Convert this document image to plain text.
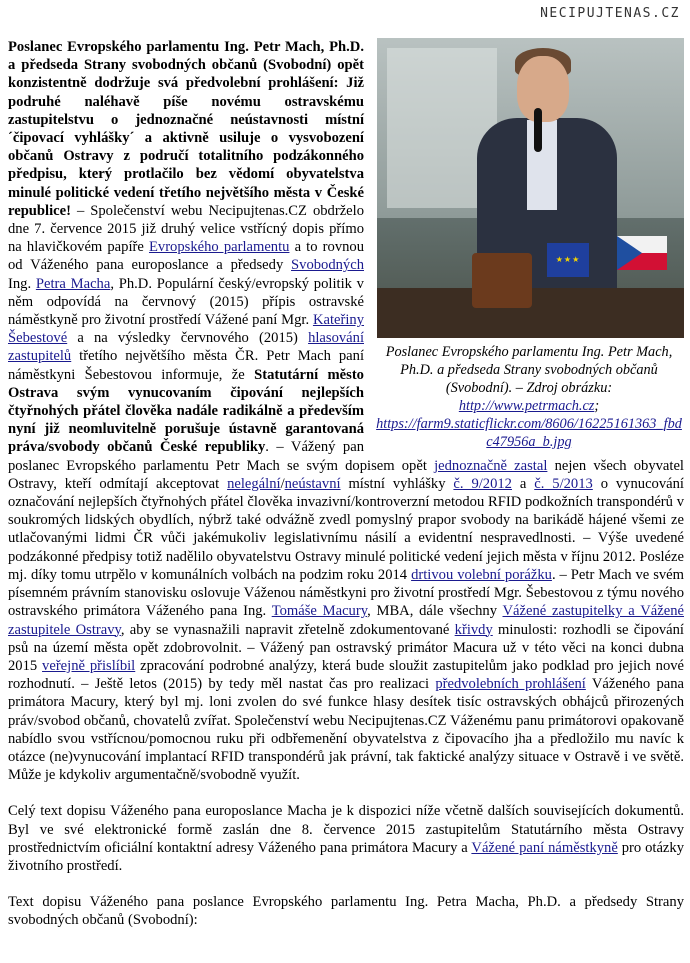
NECIPUJTENAS.CZ
★★★
Poslanec Evropského parlamentu Ing. Petr Mach, Ph.D. a předseda Strany svobodných občanů (Svobodní). – Zdroj obrázku:
http://www.petrmach.cz;
https://farm9.staticflickr.com/8606/16225161363_fbdc47956a_b.jpg

Poslanec Evropského parlamentu Ing. Petr Mach, Ph.D. a předseda Strany svobodných občanů (Svobodní) opět konzistentně dodržuje svá předvolební prohlášení: Již podruhé naléhavě píše novému ostravskému zastupitelstvu o jednoznačné neústavnosti místní ´čipovací vyhlášky´ a aktivně usiluje o vysvobození občanů Ostravy z područí totalitního podzákonného předpisu, který protlačilo bez vědomí obyvatelstva minulé politické vedení třetího největšího města v České republice! – Společenství webu Necipujtenas.CZ obdrželo dne 7. července 2015 již druhý velice vstřícný dopis přímo na hlavičkovém papíře Evropského parlamentu a to rovnou od Váženého pana europoslance a předsedy Svobodných Ing. Petra Macha, Ph.D. Populární český/evropský politik v něm odpovídá na červnový (2015) přípis ostravské náměstkyně pro životní prostředí Vážené paní Mgr. Kateřiny Šebestové a na výsledky červnového (2015) hlasování zastupitelů třetího největšího města ČR. Petr Mach paní náměstkyni Šebestovou informuje, že Statutární město Ostrava svým vynucovaním čipování nejlepších čtyřnohých přátel člověka nadále radikálně a především nyní již neomluvitelně porušuje ústavně garantovaná práva/svobody občanů České republiky. – Vážený pan poslanec Evropského parlamentu Petr Mach se svým dopisem opět jednoznačně zastal nejen všech obyvatel Ostravy, kteří odmítají akceptovat nelegální/neústavní místní vyhlášky č. 9/2012 a č. 5/2013 o vynucování označování nejlepších čtyřnohých přátel člověka invazivní/kontroverzní metodou RFID podkožních transpondérů v soukromých lidských obydlích, nýbrž také odvážně zvedl pomyslný prapor svobody na barikádě hájené všemi ze utlačovanými lidmi ČR vůči jakémukoliv legislativnímu násilí a evidentní nespravedlnosti. – Výše uvedené podzákonné předpisy totiž nadělilo obyvatelstvu Ostravy minulé politické vedení jejich města v říjnu 2012. Posléze mj. díky tomu utrpělo v komunálních volbách na podzim roku 2014 drtivou volební porážku. – Petr Mach ve svém písemném právním stanovisku oslovuje Váženou náměstkyni pro životní prostředí Mgr. Šebestovou z týmu nového ostravského primátora Váženého pana Ing. Tomáše Macury, MBA, dále všechny Vážené zastupitelky a Vážené zastupitele Ostravy, aby se vynasnažili napravit zřetelně zdokumentované křivdy minulosti: rozhodli se čipování psů na území města opět zdobrovolnit. – Vážený pan ostravský primátor Macura už v této věci na konci dubna 2015 veřejně přislíbil zpracování podrobné analýzy, která bude sloužit zastupitelům jako podklad pro jejich nové rozhodnutí. – Ještě letos (2015) by tedy měl nastat čas pro realizaci předvolebních prohlášení Váženého pana primátora Macury, který byl mj. loni zvolen do své funkce hlasy desítek tisíc ostravských obhájců přirozených práv/svobod občanů, chovatelů zvířat. Společenství webu Necipujtenas.CZ Váženému panu primátorovi opakovaně nabídlo svou vstřícnou/pomocnou ruku při odbřemenění obyvatelstva z čipovacího jha a předložilo mu navíc k otázce (ne)vynucování implantací RFID transpondérů jak právní, tak faktické analýzy situace v Ostravě i ve světě. Může je kdykoliv argumentačně/svobodně využít.

Celý text dopisu Váženého pana europoslance Macha je k dispozici níže včetně dalších souvisejících dokumentů. Byl ve své elektronické formě zaslán dne 8. července 2015 zastupitelům Statutárního města Ostravy prostřednictvím oficiální kontaktní adresy Váženého pana primátora Macury a Vážené paní náměstkyně pro otázky životního prostředí.

Text dopisu Váženého pana poslance Evropského parlamentu Ing. Petra Macha, Ph.D. a předsedy Strany svobodných občanů (Svobodní):
